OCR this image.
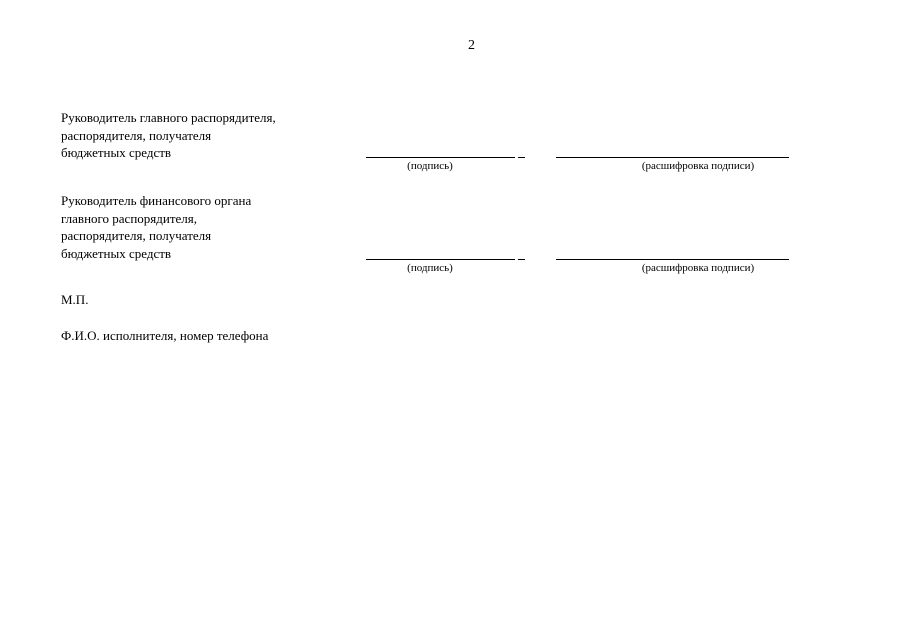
2
Руководитель главного распорядителя,
распорядителя, получателя
бюджетных средств
(подпись)	(расшифровка подписи)
Руководитель финансового органа
главного распорядителя,
распорядителя, получателя
бюджетных средств
(подпись)	(расшифровка подписи)
М.П.
Ф.И.О. исполнителя, номер телефона
